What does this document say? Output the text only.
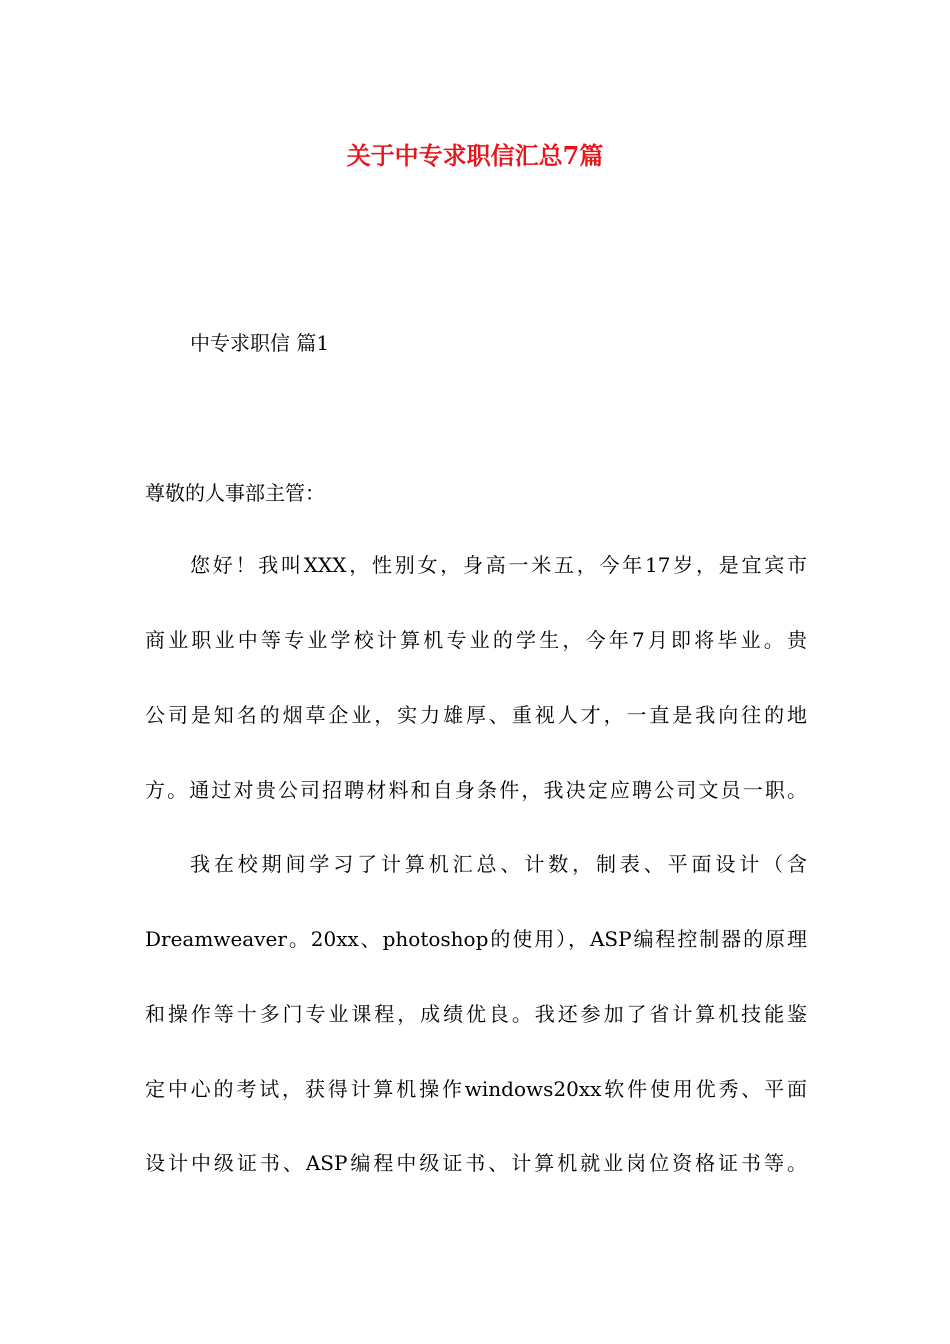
关于中专求职信汇总7篇
中专求职信 篇1
尊敬的人事部主管：
您好！我叫XXX，性别女，身高一米五，今年17岁，是宜宾市
商业职业中等专业学校计算机专业的学生，今年7月即将毕业。贵
公司是知名的烟草企业，实力雄厚、重视人才，一直是我向往的地
方。通过对贵公司招聘材料和自身条件，我决定应聘公司文员一职。
我在校期间学习了计算机汇总、计数，制表、平面设计（含
Dreamweaver。20xx、photoshop的使用），ASP编程控制器的原理
和操作等十多门专业课程，成绩优良。我还参加了省计算机技能鉴
定中心的考试，获得计算机操作windows20xx软件使用优秀、平面
设计中级证书、ASP编程中级证书、计算机就业岗位资格证书等。
